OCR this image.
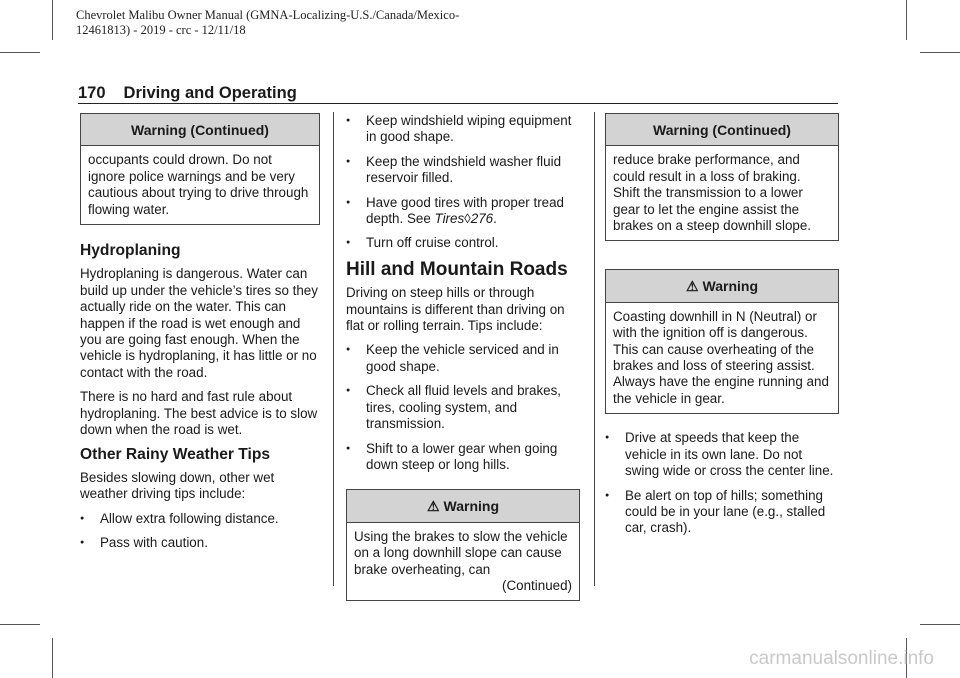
Chevrolet Malibu Owner Manual (GMNA-Localizing-U.S./Canada/Mexico-
12461813) - 2019 - crc - 12/11/18
170 Driving and Operating
Warning (Continued)
occupants could drown. Do not ignore police warnings and be very cautious about trying to drive through flowing water.
Hydroplaning

Hydroplaning is dangerous. Water can build up under the vehicle’s tires so they actually ride on the water. This can happen if the road is wet enough and you are going fast enough. When the vehicle is hydroplaning, it has little or no contact with the road.

There is no hard and fast rule about hydroplaning. The best advice is to slow down when the road is wet.

Other Rainy Weather Tips

Besides slowing down, other wet weather driving tips include:

● Allow extra following distance.
● Pass with caution.
● Keep windshield wiping equipment in good shape.
● Keep the windshield washer fluid reservoir filled.
● Have good tires with proper tread depth. See Tires◊276.
● Turn off cruise control.
Hill and Mountain Roads

Driving on steep hills or through mountains is different than driving on flat or rolling terrain. Tips include:

● Keep the vehicle serviced and in good shape.
● Check all fluid levels and brakes, tires, cooling system, and transmission.
● Shift to a lower gear when going down steep or long hills.
⚠ Warning
Using the brakes to slow the vehicle on a long downhill slope can cause brake overheating, can
(Continued)
Warning (Continued)
reduce brake performance, and could result in a loss of braking. Shift the transmission to a lower gear to let the engine assist the brakes on a steep downhill slope.
⚠ Warning
Coasting downhill in N (Neutral) or with the ignition off is dangerous. This can cause overheating of the brakes and loss of steering assist. Always have the engine running and the vehicle in gear.
● Drive at speeds that keep the vehicle in its own lane. Do not swing wide or cross the center line.
● Be alert on top of hills; something could be in your lane (e.g., stalled car, crash).
carmanualsonline.info
